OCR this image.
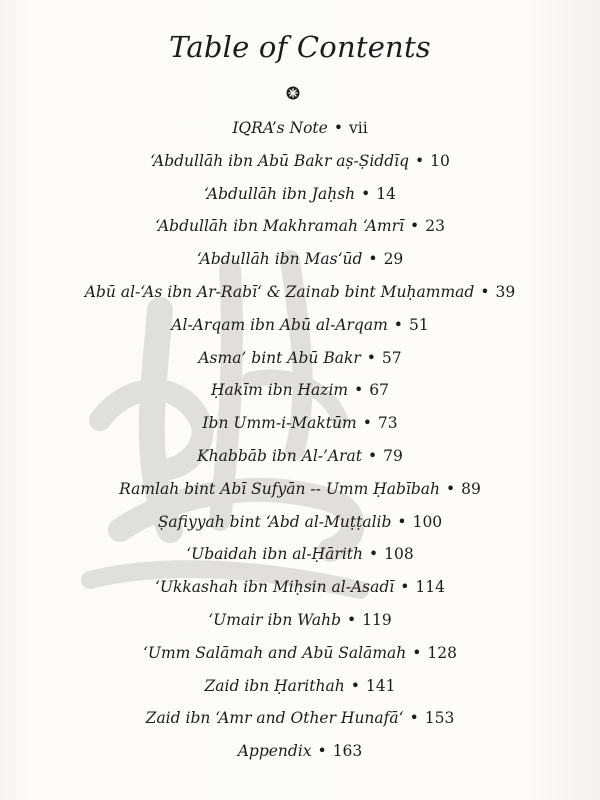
Table of Contents
IQRA’s Note • vii
‘Abdullāh ibn Abū Bakr aṣ-Ṣiddīq • 10
‘Abdullāh ibn Jaḥsh • 14
‘Abdullāh ibn Makhramah ‘Amrī • 23
‘Abdullāh ibn Mas‘ūd • 29
Abū al-‘As ibn Ar-Rabī‘ & Zainab bint Muḥammad • 39
Al-Arqam ibn Abū al-Arqam • 51
Asma’ bint Abū Bakr • 57
Ḥakīm ibn Hazim • 67
Ibn Umm-i-Maktūm • 73
Khabbāb ibn Al-’Arat • 79
Ramlah bint Abī Sufyān -- Umm Ḥabībah • 89
Ṣafiyyah bint ‘Abd al-Muṭṭalib • 100
‘Ubaidah ibn al-Ḥārith • 108
‘Ukkashah ibn Miḥsin al-Asadī • 114
‘Umair ibn Wahb • 119
‘Umm Salāmah and Abū Salāmah • 128
Zaid ibn Ḥarithah • 141
Zaid ibn ‘Amr and Other Hunafā‘ • 153
Appendix • 163
